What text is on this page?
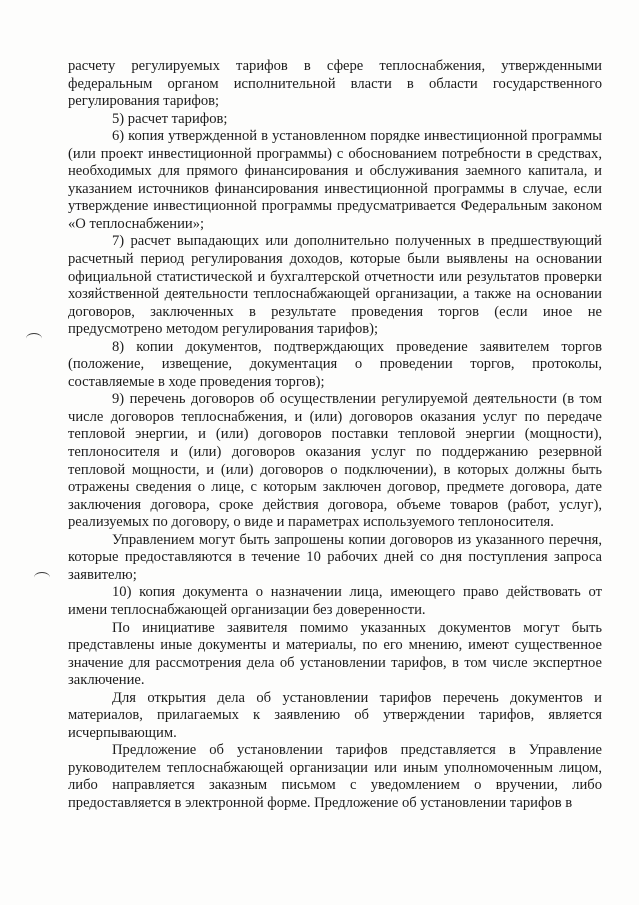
расчету регулируемых тарифов в сфере теплоснабжения, утвержденными федеральным органом исполнительной власти в области государственного регулирования тарифов;

5) расчет тарифов;

6) копия утвержденной в установленном порядке инвестиционной программы (или проект инвестиционной программы) с обоснованием потребности в средствах, необходимых для прямого финансирования и обслуживания заемного капитала, и указанием источников финансирования инвестиционной программы в случае, если утверждение инвестиционной программы предусматривается Федеральным законом «О теплоснабжении»;

7) расчет выпадающих или дополнительно полученных в предшествующий расчетный период регулирования доходов, которые были выявлены на основании официальной статистической и бухгалтерской отчетности или результатов проверки хозяйственной деятельности теплоснабжающей организации, а также на основании договоров, заключенных в результате проведения торгов (если иное не предусмотрено методом регулирования тарифов);

8) копии документов, подтверждающих проведение заявителем торгов (положение, извещение, документация о проведении торгов, протоколы, составляемые в ходе проведения торгов);

9) перечень договоров об осуществлении регулируемой деятельности (в том числе договоров теплоснабжения, и (или) договоров оказания услуг по передаче тепловой энергии, и (или) договоров поставки тепловой энергии (мощности), теплоносителя и (или) договоров оказания услуг по поддержанию резервной тепловой мощности, и (или) договоров о подключении), в которых должны быть отражены сведения о лице, с которым заключен договор, предмете договора, дате заключения договора, сроке действия договора, объеме товаров (работ, услуг), реализуемых по договору, о виде и параметрах используемого теплоносителя.

Управлением могут быть запрошены копии договоров из указанного перечня, которые предоставляются в течение 10 рабочих дней со дня поступления запроса заявителю;

10) копия документа о назначении лица, имеющего право действовать от имени теплоснабжающей организации без доверенности.

По инициативе заявителя помимо указанных документов могут быть представлены иные документы и материалы, по его мнению, имеют существенное значение для рассмотрения дела об установлении тарифов, в том числе экспертное заключение.

Для открытия дела об установлении тарифов перечень документов и материалов, прилагаемых к заявлению об утверждении тарифов, является исчерпывающим.

Предложение об установлении тарифов представляется в Управление руководителем теплоснабжающей организации или иным уполномоченным лицом, либо направляется заказным письмом с уведомлением о вручении, либо предоставляется в электронной форме. Предложение об установлении тарифов в
